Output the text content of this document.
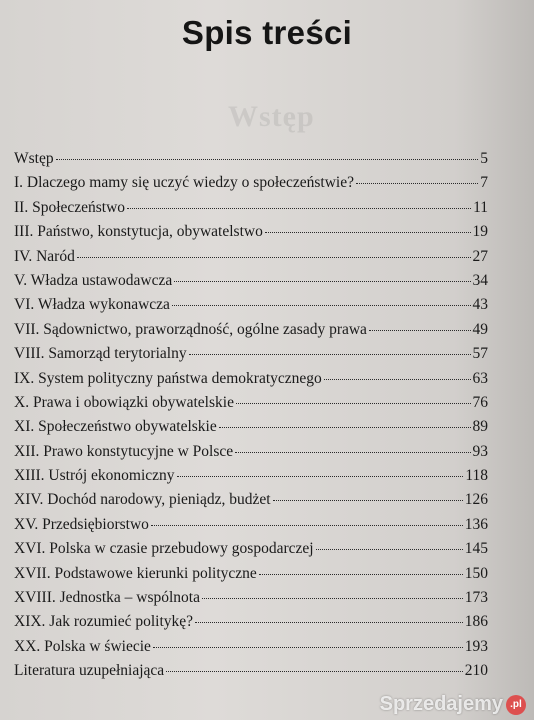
Wstęp
Spis treści
Wstęp	5
I. Dlaczego mamy się uczyć wiedzy o społeczeństwie?	7
II. Społeczeństwo	11
III. Państwo, konstytucja, obywatelstwo	19
IV. Naród	27
V. Władza ustawodawcza	34
VI. Władza wykonawcza	43
VII. Sądownictwo, praworządność, ogólne zasady prawa	49
VIII. Samorząd terytorialny	57
IX. System polityczny państwa demokratycznego	63
X. Prawa i obowiązki obywatelskie	76
XI. Społeczeństwo obywatelskie	89
XII. Prawo konstytucyjne w Polsce	93
XIII. Ustrój ekonomiczny	118
XIV. Dochód narodowy, pieniądz, budżet	126
XV. Przedsiębiorstwo	136
XVI. Polska w czasie przebudowy gospodarczej	145
XVII. Podstawowe kierunki polityczne	150
XVIII. Jednostka – wspólnota	173
XIX. Jak rozumieć politykę?	186
XX. Polska w świecie	193
Literatura uzupełniająca	210
Sprzedajemy .pl
